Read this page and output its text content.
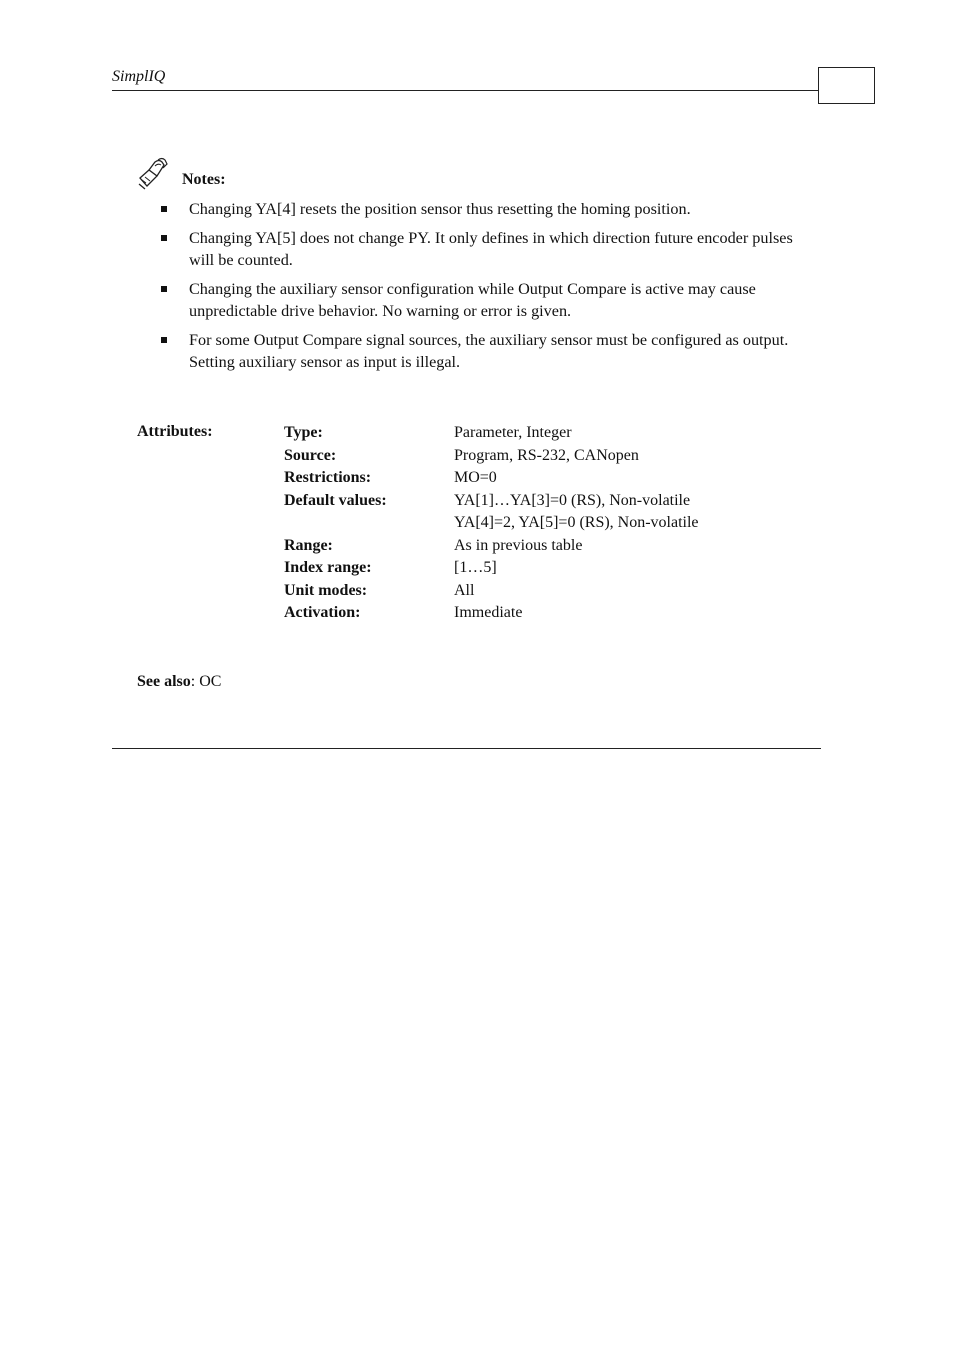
SimplIQ
Notes:
Changing YA[4] resets the position sensor thus resetting the homing position.
Changing YA[5] does not change PY. It only defines in which direction future encoder pulses will be counted.
Changing the auxiliary sensor configuration while Output Compare is active may cause unpredictable drive behavior. No warning or error is given.
For some Output Compare signal sources, the auxiliary sensor must be configured as output. Setting auxiliary sensor as input is illegal.
Attributes:	Type:	Parameter, Integer
Source:	Program, RS-232, CANopen
Restrictions:	MO=0
Default values:	YA[1]…YA[3]=0 (RS), Non-volatile
YA[4]=2, YA[5]=0 (RS), Non-volatile
Range:	As in previous table
Index range:	[1…5]
Unit modes:	All
Activation:	Immediate
See also: OC
